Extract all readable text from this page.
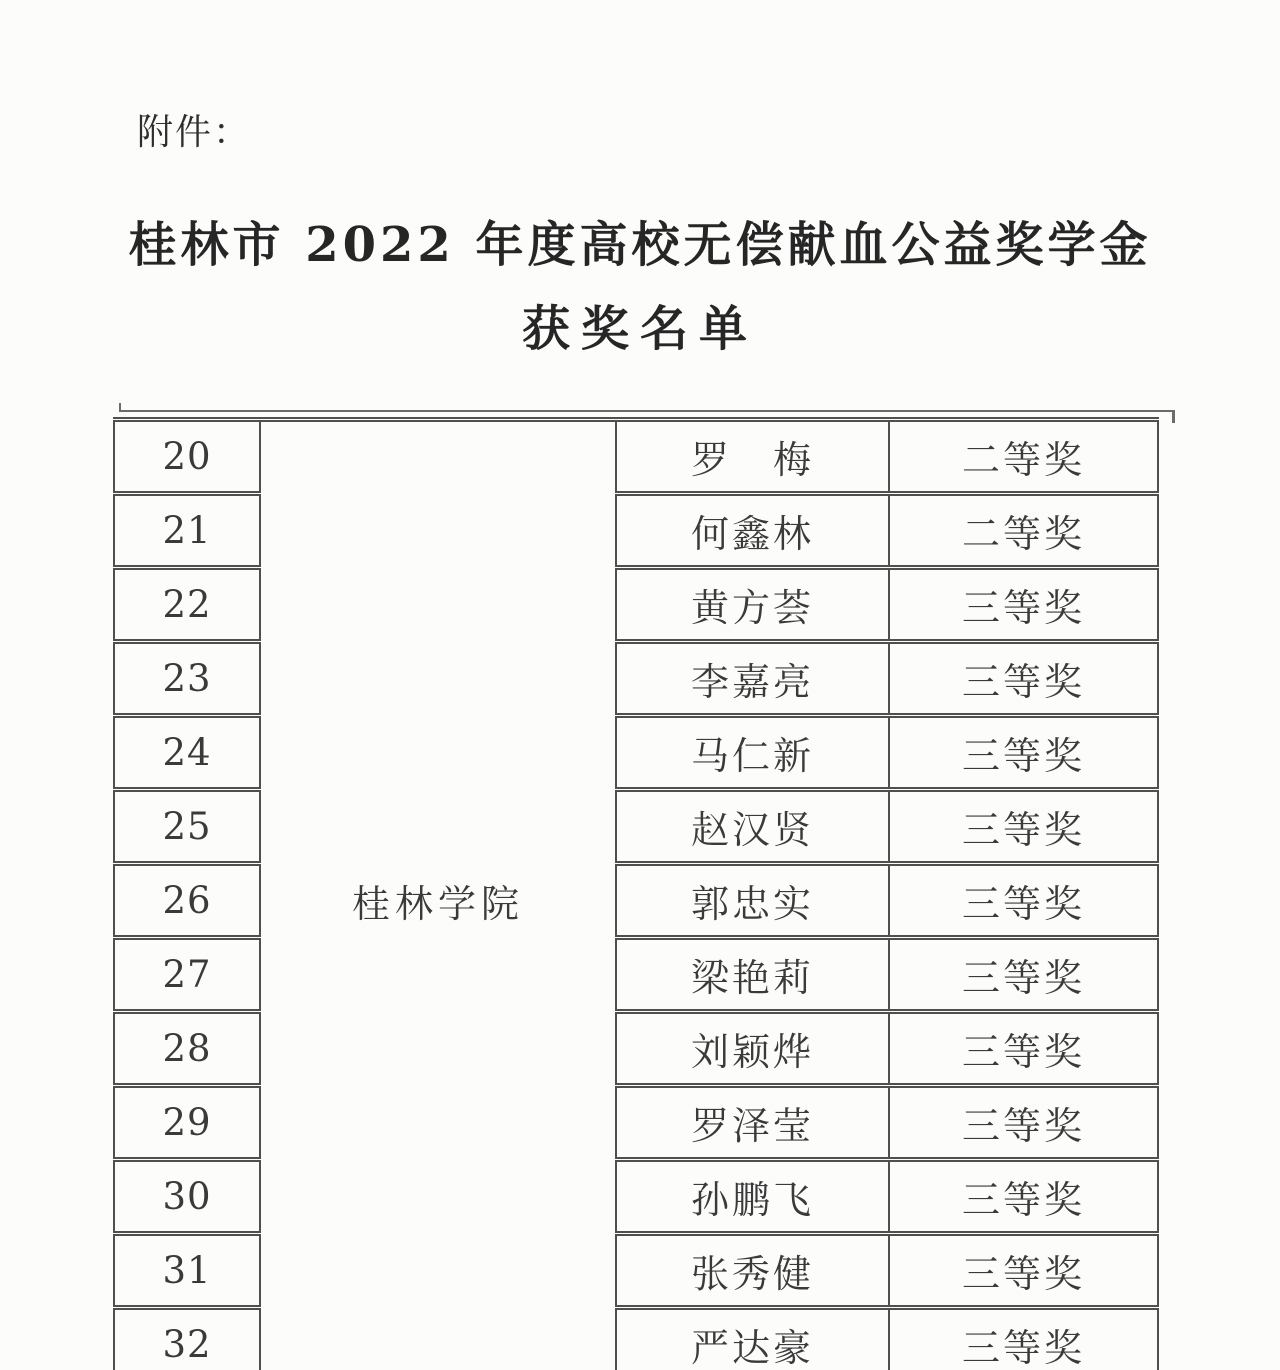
附件：
桂林市 2022 年度高校无偿献血公益奖学金
获奖名单
20	桂林学院	罗　梅	二等奖
21		何鑫林	二等奖
22		黄方荟	三等奖
23		李嘉亮	三等奖
24		马仁新	三等奖
25		赵汉贤	三等奖
26		郭忠实	三等奖
27		梁艳莉	三等奖
28		刘颖烨	三等奖
29		罗泽莹	三等奖
30		孙鹏飞	三等奖
31		张秀健	三等奖
32		严达豪	三等奖
